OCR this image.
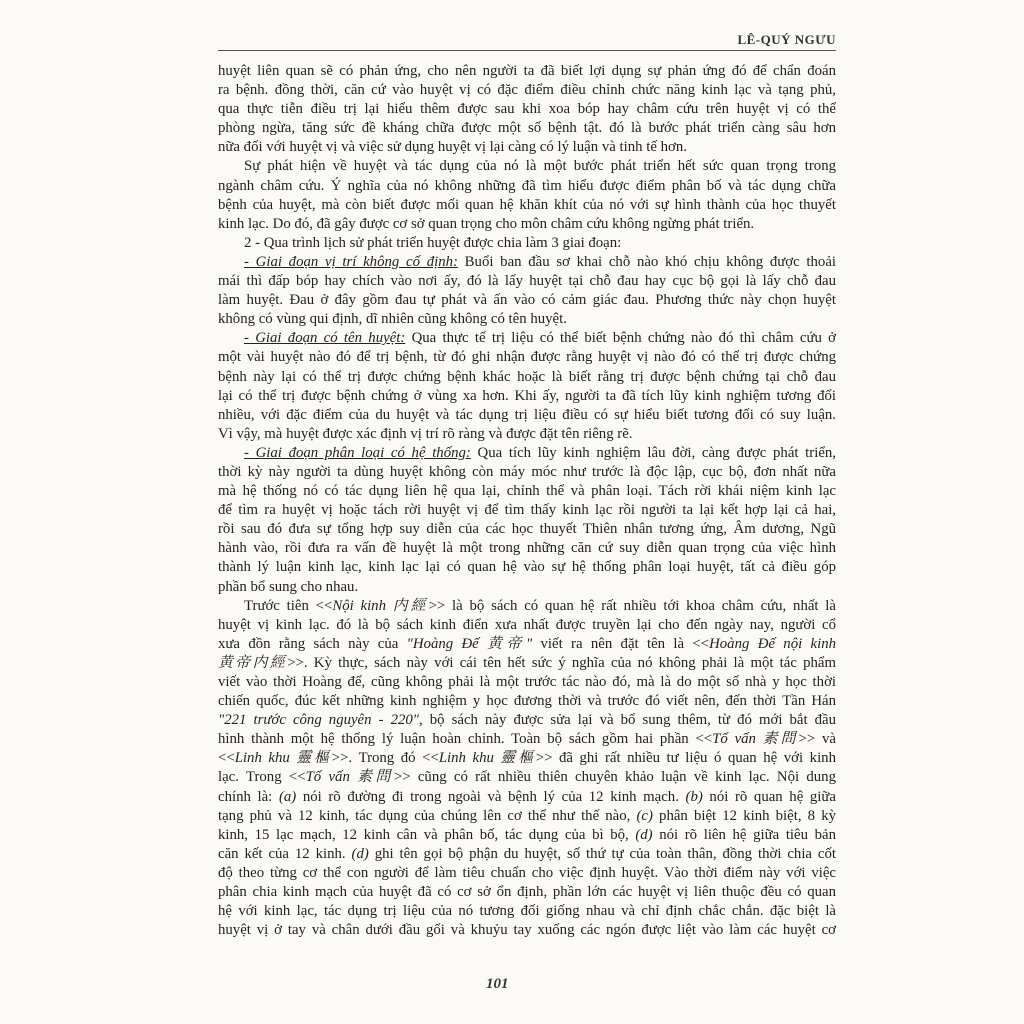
LÊ-QUÝ NGƯU
huyệt liên quan sẽ có phản ứng, cho nên người ta đã biết lợi dụng sự phản ứng đó để chẩn đoán
ra bệnh. đồng thời, căn cứ vào huyệt vị có đặc điểm điều chỉnh chức năng kinh lạc và tạng phủ,
qua thực tiễn điều trị lại hiểu thêm được sau khi xoa bóp hay châm cứu trên huyệt vị có thể
phòng ngừa, tăng sức đề kháng chữa được một số bệnh tật. đó là bước phát triển càng sâu hơn
nữa đối với huyệt vị và việc sử dụng huyệt vị lại càng có lý luận và tinh tế hơn.
Sự phát hiện về huyệt và tác dụng của nó là một bước phát triển hết sức quan trọng trong
ngành châm cứu. Ý nghĩa của nó không những đã tìm hiểu được điểm phân bố và tác dụng chữa
bệnh của huyệt, mà còn biết được mối quan hệ khăn khít của nó với sự hình thành của học thuyết
kinh lạc. Do đó, đã gây được cơ sở quan trọng cho môn châm cứu không ngừng phát triển.
2 - Qua trình lịch sử phát triển huyệt được chia làm 3 giai đoạn:
- Giai đoạn vị trí không cố định: Buổi ban đầu sơ khai chỗ nào khó chịu không được thoải
mái thì đấp bóp hay chích vào nơi ấy, đó là lấy huyệt tại chỗ đau hay cục bộ gọi là lấy chỗ đau
làm huyệt. Đau ở đây gồm đau tự phát và ấn vào có cảm giác đau. Phương thức này chọn huyệt
không có vùng qui định, dĩ nhiên cũng không có tên huyệt.
- Giai đoạn có tên huyệt: Qua thực tế trị liệu có thể biết bệnh chứng nào đó thì châm cứu ở
một vài huyệt nào đó để trị bệnh, từ đó ghi nhận được rằng huyệt vị nào đó có thể trị được chứng
bệnh này lại có thể trị được chứng bệnh khác hoặc là biết rằng trị được bệnh chứng tại chỗ đau
lại có thể trị được bệnh chứng ở vùng xa hơn. Khi ấy, người ta đã tích lũy kinh nghiệm tương đối
nhiều, với đặc điểm của du huyệt và tác dụng trị liệu điều có sự hiểu biết tương đối có suy luận.
Vì vậy, mà huyệt được xác định vị trí rõ ràng và được đặt tên riêng rẽ.
- Giai đoạn phân loại có hệ thống: Qua tích lũy kinh nghiệm lâu đời, càng được phát triển,
thời kỳ này người ta dùng huyệt không còn máy móc như trước là độc lập, cục bộ, đơn nhất nữa
mà hệ thống nó có tác dụng liên hệ qua lại, chỉnh thể và phân loại. Tách rời khái niệm kinh lạc
để tìm ra huyệt vị hoặc tách rời huyệt vị để tìm thấy kinh lạc rồi người ta lại kết hợp lại cả hai,
rồi sau đó đưa sự tổng hợp suy diễn của các học thuyết Thiên nhân tương ứng, Âm dương, Ngũ
hành vào, rồi đưa ra vấn đề huyệt là một trong những căn cứ suy diễn quan trọng của việc hình
thành lý luận kinh lạc, kinh lạc lại có quan hệ vào sự hệ thống phân loại huyệt, tất cả điều góp
phần bổ sung cho nhau.
Trước tiên <<Nội kinh 内經>> là bộ sách có quan hệ rất nhiều tới khoa châm cứu, nhất là
huyệt vị kinh lạc. đó là bộ sách kinh điển xưa nhất được truyền lại cho đến ngày nay, người cổ
xưa đồn rằng sách này của "Hoàng Đế 黄帝" viết ra nên đặt tên là <<Hoàng Đế nội kinh
黄帝内經>>. Kỳ thực, sách này với cái tên hết sức ý nghĩa của nó không phải là một tác phẩm
viết vào thời Hoàng đế, cũng không phải là một trước tác nào đó, mà là do một số nhà y học thời
chiến quốc, đúc kết những kinh nghiệm y học đương thời và trước đó viết nên, đến thời Tần Hán
"221 trước công nguyên - 220", bộ sách này được sửa lại và bổ sung thêm, từ đó mới bắt đầu
hình thành một hệ thống lý luận hoàn chỉnh. Toàn bộ sách gồm hai phần <<Tố vấn 素問>> và
<<Linh khu 靈樞>>. Trong đó <<Linh khu 靈樞>> đã ghi rất nhiều tư liệu ó quan hệ với kinh
lạc. Trong <<Tố vấn 素問>> cũng có rất nhiều thiên chuyên khảo luận về kinh lạc. Nội dung
chính là: (a) nói rõ đường đi trong ngoài và bệnh lý của 12 kinh mạch. (b) nói rõ quan hệ giữa
tạng phủ và 12 kinh, tác dụng của chúng lên cơ thể như thế nào, (c) phân biệt 12 kinh biệt, 8 kỳ
kinh, 15 lạc mạch, 12 kinh cân và phân bố, tác dụng của bì bộ, (d) nói rõ liên hệ giữa tiêu bản
căn kết của 12 kinh. (d) ghi tên gọi bộ phận du huyệt, số thứ tự của toàn thân, đồng thời chia cốt
độ theo từng cơ thể con người để làm tiêu chuẩn cho việc định huyệt. Vào thời điểm này với việc
phân chia kinh mạch của huyệt đã có cơ sở ổn định, phần lớn các huyệt vị liên thuộc đều có quan
hệ với kinh lạc, tác dụng trị liệu của nó tương đối giống nhau và chỉ định chắc chắn. đặc biệt là
huyệt vị ở tay và chân dưới đầu gối và khuỷu tay xuống các ngón được liệt vào làm các huyệt cơ
101
